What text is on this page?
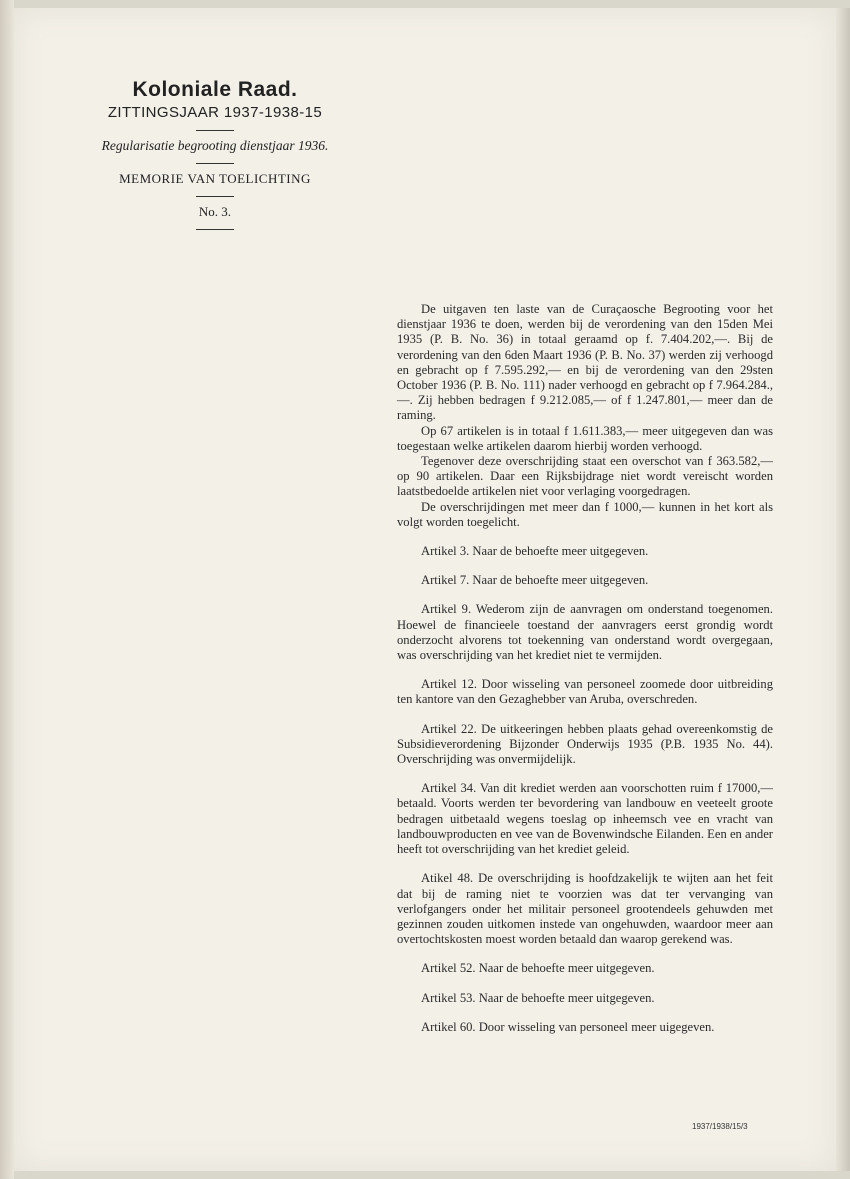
Koloniale Raad.

ZITTINGSJAAR 1937-1938-15

Regularisatie begrooting dienstjaar 1936.

MEMORIE VAN TOELICHTING

No. 3.

De uitgaven ten laste van de Curaçaosche Begrooting voor het dienstjaar 1936 te doen, werden bij de verordening van den 15den Mei 1935 (P. B. No. 36) in totaal geraamd op f. 7.404.202,—. Bij de verordening van den 6den Maart 1936 (P. B. No. 37) werden zij verhoogd en gebracht op f 7.595.292,— en bij de verordening van den 29sten October 1936 (P. B. No. 111) nader verhoogd en gebracht op f 7.964.284.,—. Zij hebben bedragen f 9.212.085,— of f 1.247.801,— meer dan de raming.

Op 67 artikelen is in totaal f 1.611.383,— meer uitgegeven dan was toegestaan welke artikelen daarom hierbij worden verhoogd.

Tegenover deze overschrijding staat een overschot van f 363.582,— op 90 artikelen. Daar een Rijksbijdrage niet wordt vereischt worden laatstbedoelde artikelen niet voor verlaging voorgedragen.

De overschrijdingen met meer dan f 1000,— kunnen in het kort als volgt worden toegelicht.

Artikel 3. Naar de behoefte meer uitgegeven.

Artikel 7. Naar de behoefte meer uitgegeven.

Artikel 9. Wederom zijn de aanvragen om onderstand toegenomen. Hoewel de financieele toestand der aanvragers eerst grondig wordt onderzocht alvorens tot toekenning van onderstand wordt overgegaan, was overschrijding van het krediet niet te vermijden.

Artikel 12. Door wisseling van personeel zoomede door uitbreiding ten kantore van den Gezaghebber van Aruba, overschreden.

Artikel 22. De uitkeeringen hebben plaats gehad overeenkomstig de Subsidieverordening Bijzonder Onderwijs 1935 (P.B. 1935 No. 44). Overschrijding was onvermijdelijk.

Artikel 34. Van dit krediet werden aan voorschotten ruim f 17000,— betaald. Voorts werden ter bevordering van landbouw en veeteelt groote bedragen uitbetaald wegens toeslag op inheemsch vee en vracht van landbouwproducten en vee van de Bovenwindsche Eilanden. Een en ander heeft tot overschrijding van het krediet geleid.

Atikel 48. De overschrijding is hoofdzakelijk te wijten aan het feit dat bij de raming niet te voorzien was dat ter vervanging van verlofgangers onder het militair personeel grootendeels gehuwden met gezinnen zouden uitkomen instede van ongehuwden, waardoor meer aan overtochtskosten moest worden betaald dan waarop gerekend was.

Artikel 52. Naar de behoefte meer uitgegeven.

Artikel 53. Naar de behoefte meer uitgegeven.

Artikel 60. Door wisseling van personeel meer uigegeven.

1937/1938/15/3
